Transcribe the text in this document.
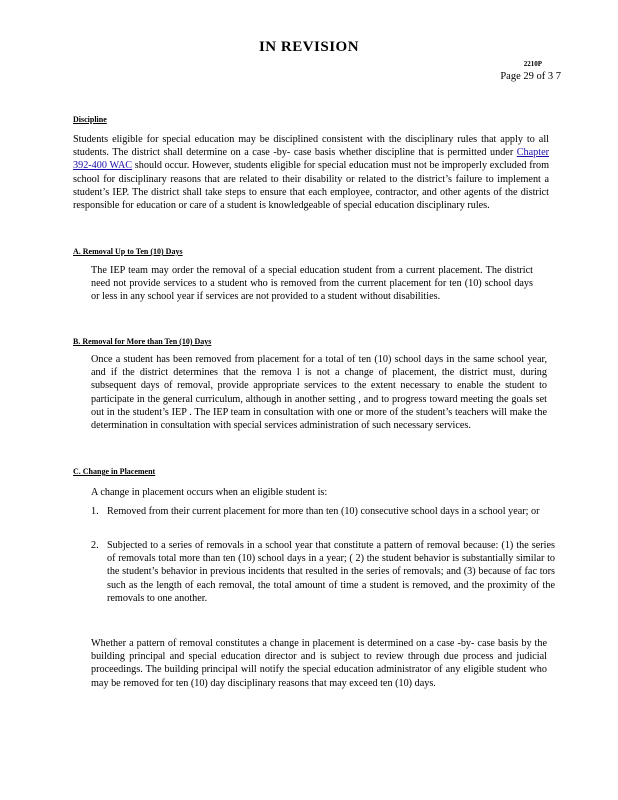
IN REVISION
2210P
Page 29 of 3 7
Discipline

Students eligible for special education may be disciplined consistent with the disciplinary rules that apply to all students. The district shall determine on a case -by- case basis whether discipline that is permitted under Chapter 392-400 WAC should occur. However, students eligible for special education must not be improperly excluded from school for disciplinary reasons that are related to their disability or related to the district’s failure to implement a student’s IEP. The district shall take steps to ensure that each employee, contractor, and other agents of the district responsible for education or care of a student is knowledgeable of special education disciplinary rules.

A. Removal Up to Ten (10) Days

The IEP team may order the removal of a special education student from a current placement. The district need not provide services to a student who is removed from the current placement for ten (10) school days or less in any school year if services are not provided to a student without disabilities.

B. Removal for More than Ten (10) Days

Once a student has been removed from placement for a total of ten (10) school days in the same school year, and if the district determines that the remova l is not a change of placement, the district must, during subsequent days of removal, provide appropriate services to the extent necessary to enable the student to participate in the general curriculum, although in another setting , and to progress toward meeting the goals set out in the student’s IEP . The IEP team in consultation with one or more of the student’s teachers will make the determination in consultation with special services administration of such necessary services.

C. Change in Placement

A change in placement occurs when an eligible student is:

1. Removed from their current placement for more than ten (10) consecutive school days in a school year; or
2. Subjected to a series of removals in a school year that constitute a pattern of removal because: (1) the series of removals total more than ten (10) school days in a year; ( 2) the student behavior is substantially similar to the student’s behavior in previous incidents that resulted in the series of removals; and (3) because of fac tors such as the length of each removal, the total amount of time a student is removed, and the proximity of the removals to one another.

Whether a pattern of removal constitutes a change in placement is determined on a case -by- case basis by the building principal and special education director and is subject to review through due process and judicial proceedings. The building principal will notify the special education administrator of any eligible student who may be removed for ten (10) day disciplinary reasons that may exceed ten (10) days.
